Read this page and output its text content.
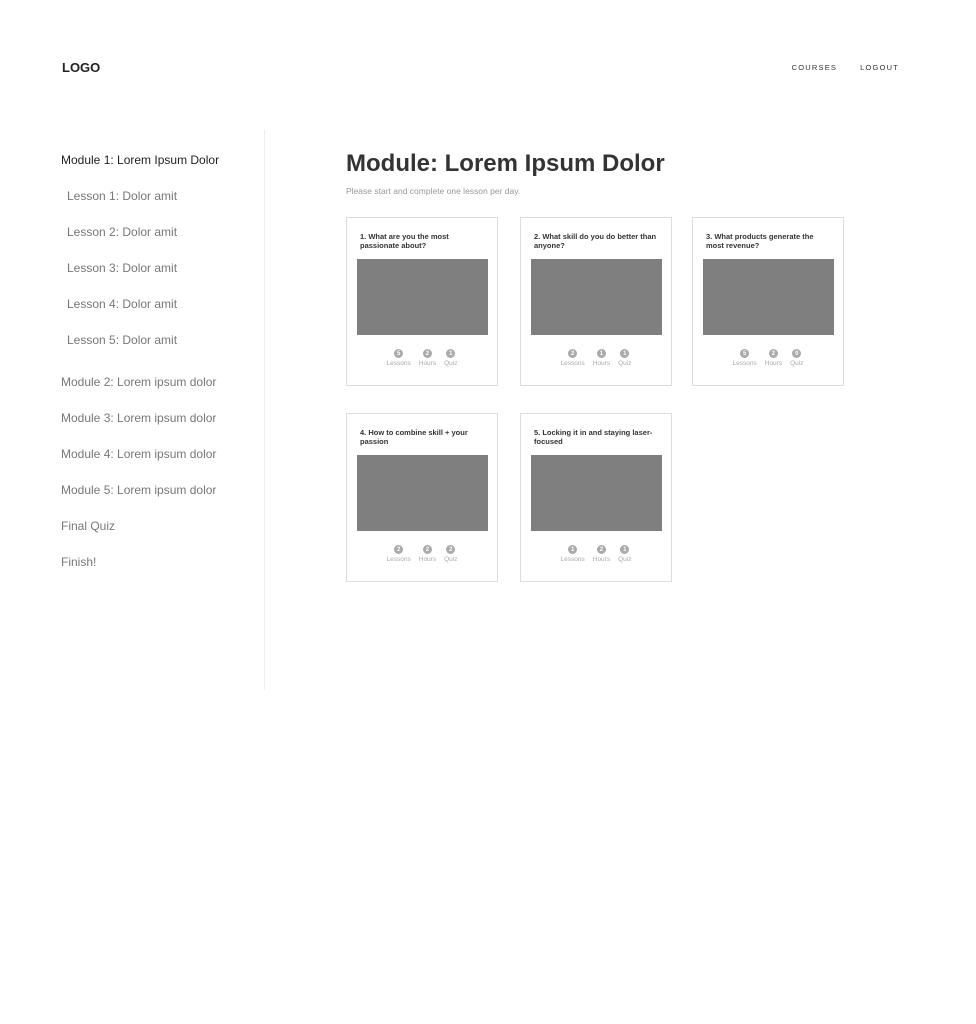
LOGO	COURSES	LOGOUT
Module 1: Lorem Ipsum Dolor
Lesson 1: Dolor amit
Lesson 2: Dolor amit
Lesson 3: Dolor amit
Lesson 4: Dolor amit
Lesson 5: Dolor amit
Module 2: Lorem ipsum dolor
Module 3: Lorem ipsum dolor
Module 4: Lorem ipsum dolor
Module 5: Lorem ipsum dolor
Final Quiz
Finish!
Module: Lorem Ipsum Dolor
Please start and complete one lesson per day.
1. What are you the most passionate about?
5
Lessons
2
Hours
1
Quiz
2. What skill do you do better than anyone?
2
Lessons
1
Hours
1
Quiz
3. What products generate the most revenue?
5
Lessons
2
Hours
0
Quiz
4. How to combine skill + your passion
2
Lessons
2
Hours
2
Quiz
5. Locking it in and staying laser-focused
1
Lessons
2
Hours
1
Quiz
